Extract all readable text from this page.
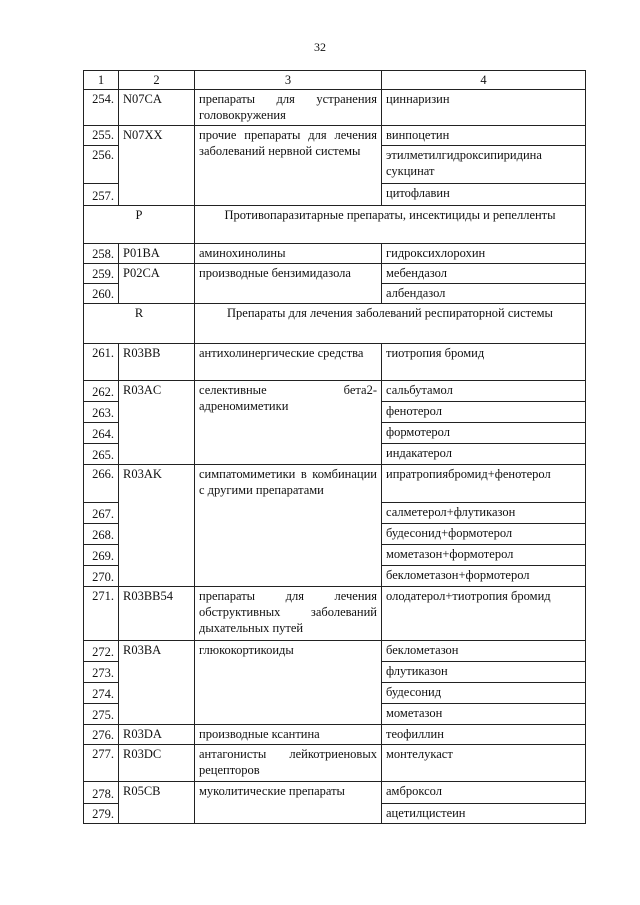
32
1	2	3	4
254.	N07CA	препараты для устранения головокружения	циннаризин
255.	N07XX	прочие препараты для лечения заболеваний нервной системы	винпоцетин
256.			этилметилгидроксипиридина сукцинат
257.			цитофлавин
P		Противопаразитарные препараты, инсектициды и репелленты	
258.	P01BA	аминохинолины	гидроксихлорохин
259.	P02CA	производные бензимидазола	мебендазол
260.			албендазол
R		Препараты для лечения заболеваний респираторной системы	
261.	R03BB	антихолинергические средства	тиотропия бромид
262.	R03AC	селективные бета2-адреномиметики	сальбутамол
263.			фенотерол
264.			формотерол
265.			индакатерол
266.	R03AK	симпатомиметики в комбинации с другими препаратами	ипратропиябромид+фенотерол
267.			салметерол+флутиказон
268.			будесонид+формотерол
269.			мометазон+формотерол
270.			беклометазон+формотерол
271.	R03BB54	препараты для лечения обструктивных заболеваний дыхательных путей	олодатерол+тиотропия бромид
272.	R03BA	глюкокортикоиды	беклометазон
273.			флутиказон
274.			будесонид
275.			мометазон
276.	R03DA	производные ксантина	теофиллин
277.	R03DC	антагонисты лейкотриеновых рецепторов	монтелукаст
278.	R05CB	муколитические препараты	амброксол
279.			ацетилцистеин
